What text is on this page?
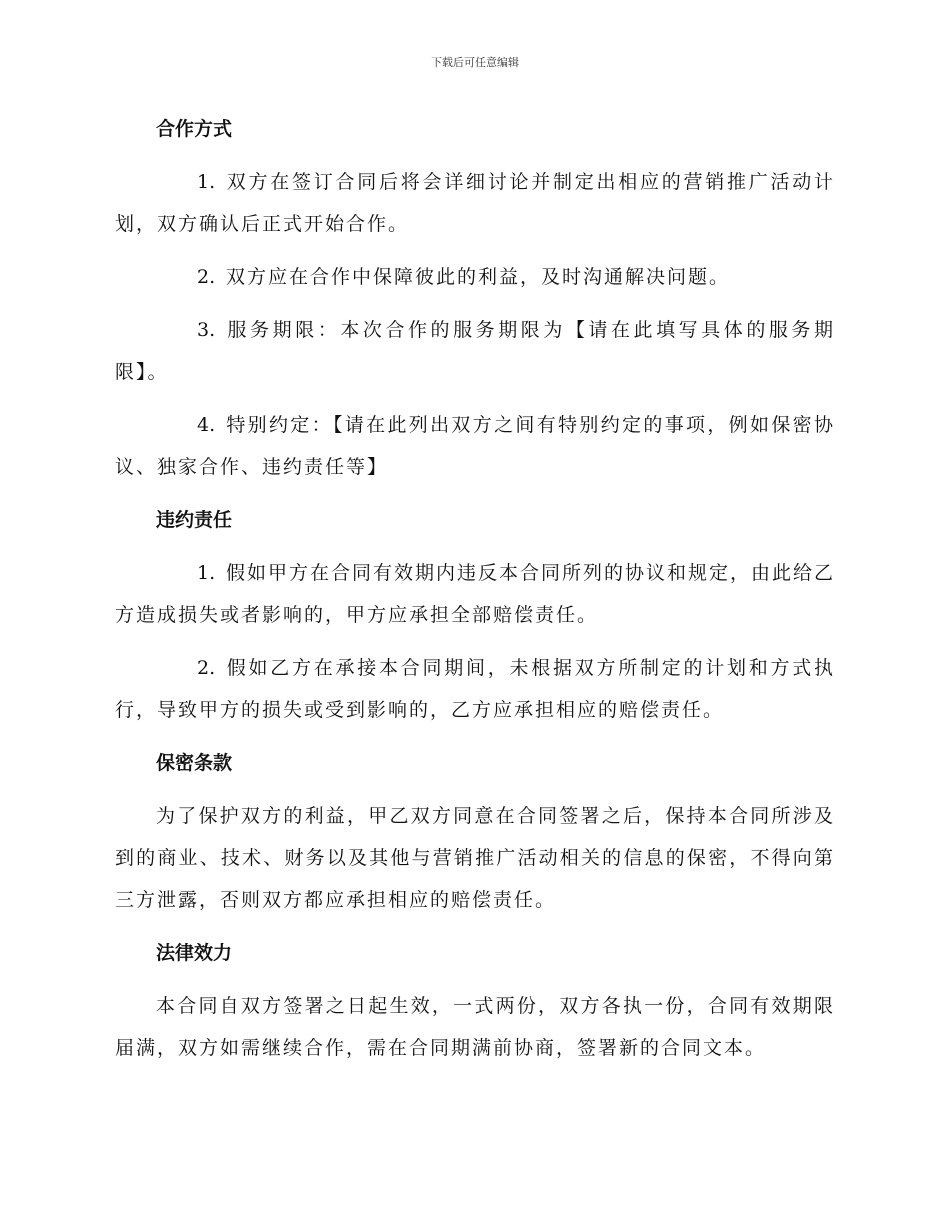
下载后可任意编辑
合作方式
1. 双方在签订合同后将会详细讨论并制定出相应的营销推广活动计划，双方确认后正式开始合作。
2. 双方应在合作中保障彼此的利益，及时沟通解决问题。
3. 服务期限：本次合作的服务期限为【请在此填写具体的服务期限】。
4. 特别约定：【请在此列出双方之间有特别约定的事项，例如保密协议、独家合作、违约责任等】
违约责任
1. 假如甲方在合同有效期内违反本合同所列的协议和规定，由此给乙方造成损失或者影响的，甲方应承担全部赔偿责任。
2. 假如乙方在承接本合同期间，未根据双方所制定的计划和方式执行，导致甲方的损失或受到影响的，乙方应承担相应的赔偿责任。
保密条款
为了保护双方的利益，甲乙双方同意在合同签署之后，保持本合同所涉及到的商业、技术、财务以及其他与营销推广活动相关的信息的保密，不得向第三方泄露，否则双方都应承担相应的赔偿责任。
法律效力
本合同自双方签署之日起生效，一式两份，双方各执一份，合同有效期限届满，双方如需继续合作，需在合同期满前协商，签署新的合同文本。
